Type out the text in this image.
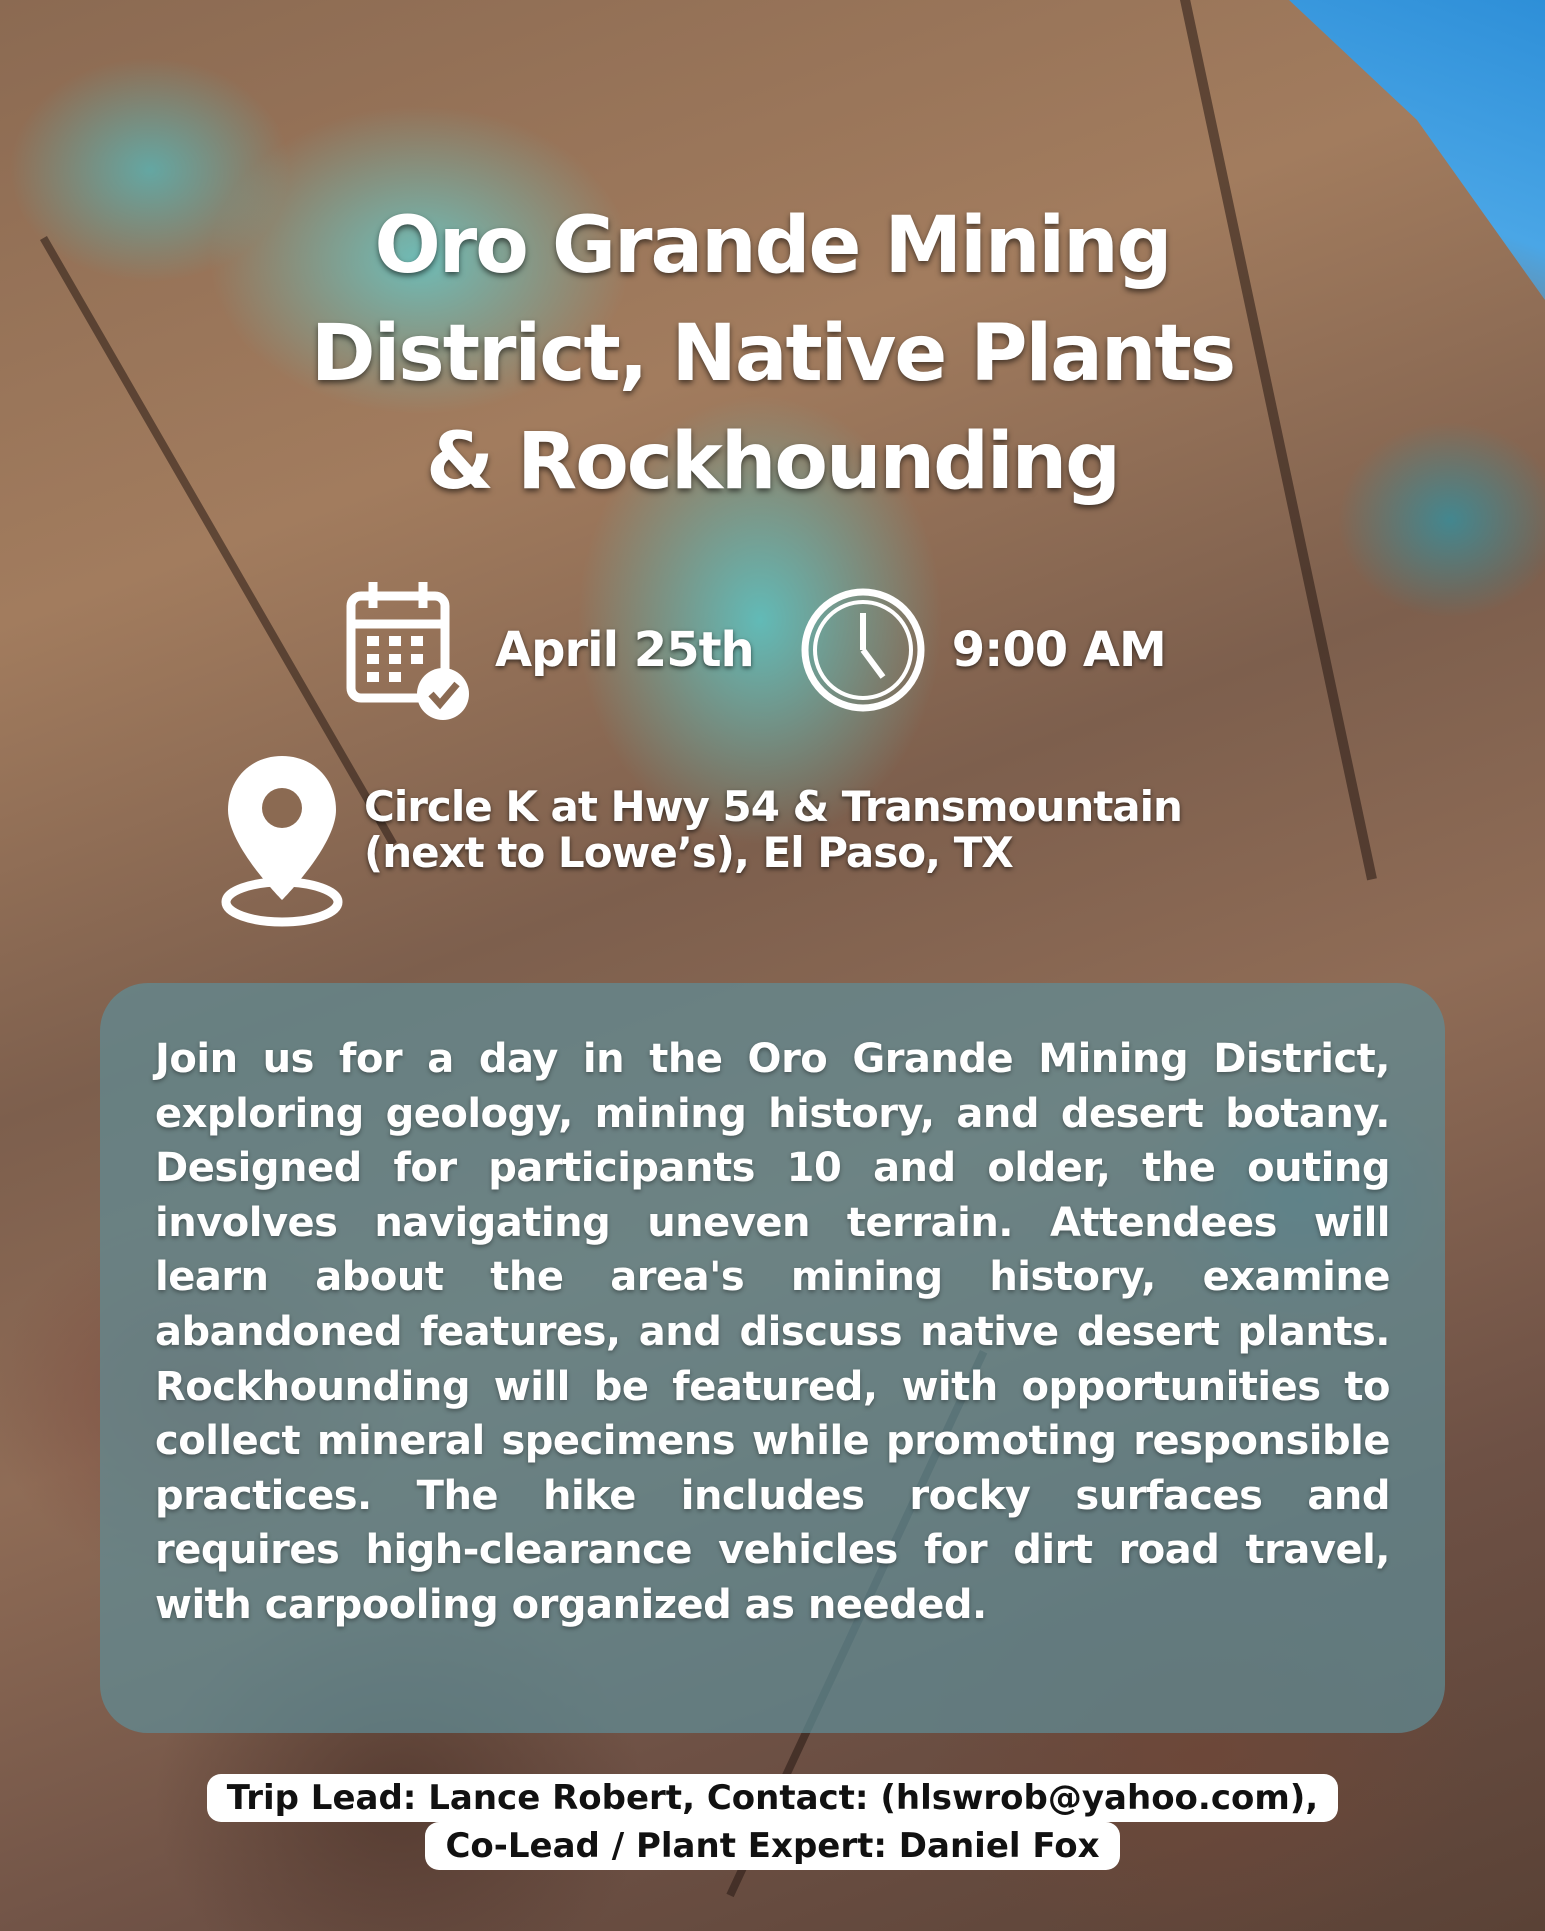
Oro Grande Mining
District, Native Plants
& Rockhounding
April 25th	9:00 AM
Circle K at Hwy 54 & Transmountain
(next to Lowe’s), El Paso, TX

Join us for a day in the Oro Grande Mining District, exploring geology, mining history, and desert botany. Designed for participants 10 and older, the outing involves navigating uneven terrain. Attendees will learn about the area's mining history, examine abandoned features, and discuss native desert plants. Rockhounding will be featured, with opportunities to collect mineral specimens while promoting responsible practices. The hike includes rocky surfaces and requires high-clearance vehicles for dirt road travel, with carpooling organized as needed.

Trip Lead: Lance Robert, Contact: (hlswrob@yahoo.com),
Co-Lead / Plant Expert: Daniel Fox
